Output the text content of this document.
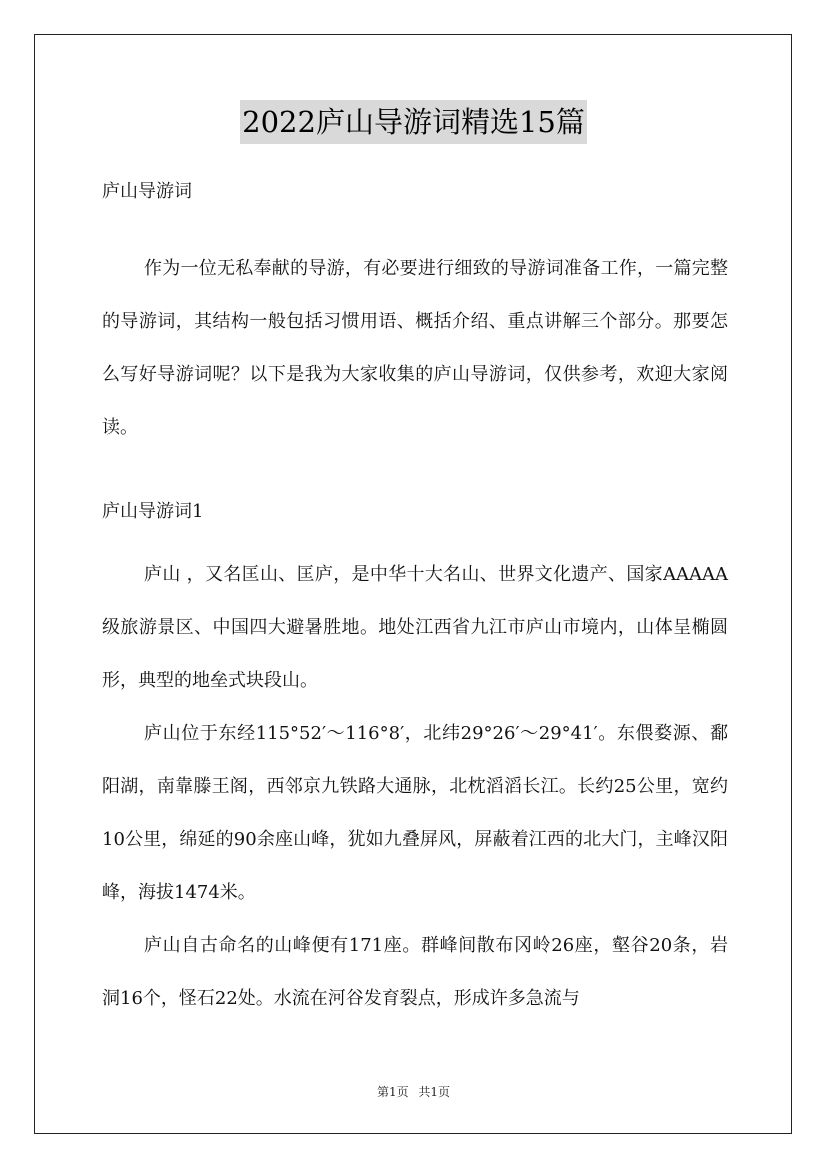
2022庐山导游词精选15篇
庐山导游词

作为一位无私奉献的导游，有必要进行细致的导游词准备工作，一篇完整的导游词，其结构一般包括习惯用语、概括介绍、重点讲解三个部分。那要怎么写好导游词呢？以下是我为大家收集的庐山导游词，仅供参考，欢迎大家阅读。

庐山导游词1

庐山 ，又名匡山、匡庐，是中华十大名山、世界文化遗产、国家AAAAA级旅游景区、中国四大避暑胜地。地处江西省九江市庐山市境内，山体呈椭圆形，典型的地垒式块段山。

庐山位于东经115°52′～116°8′，北纬29°26′～29°41′。东偎婺源、鄱阳湖，南靠滕王阁，西邻京九铁路大通脉，北枕滔滔长江。长约25公里，宽约10公里，绵延的90余座山峰，犹如九叠屏风，屏蔽着江西的北大门，主峰汉阳峰，海拔1474米。

庐山自古命名的山峰便有171座。群峰间散布冈岭26座，壑谷20条，岩洞16个，怪石22处。水流在河谷发育裂点，形成许多急流与

第1页 共1页
